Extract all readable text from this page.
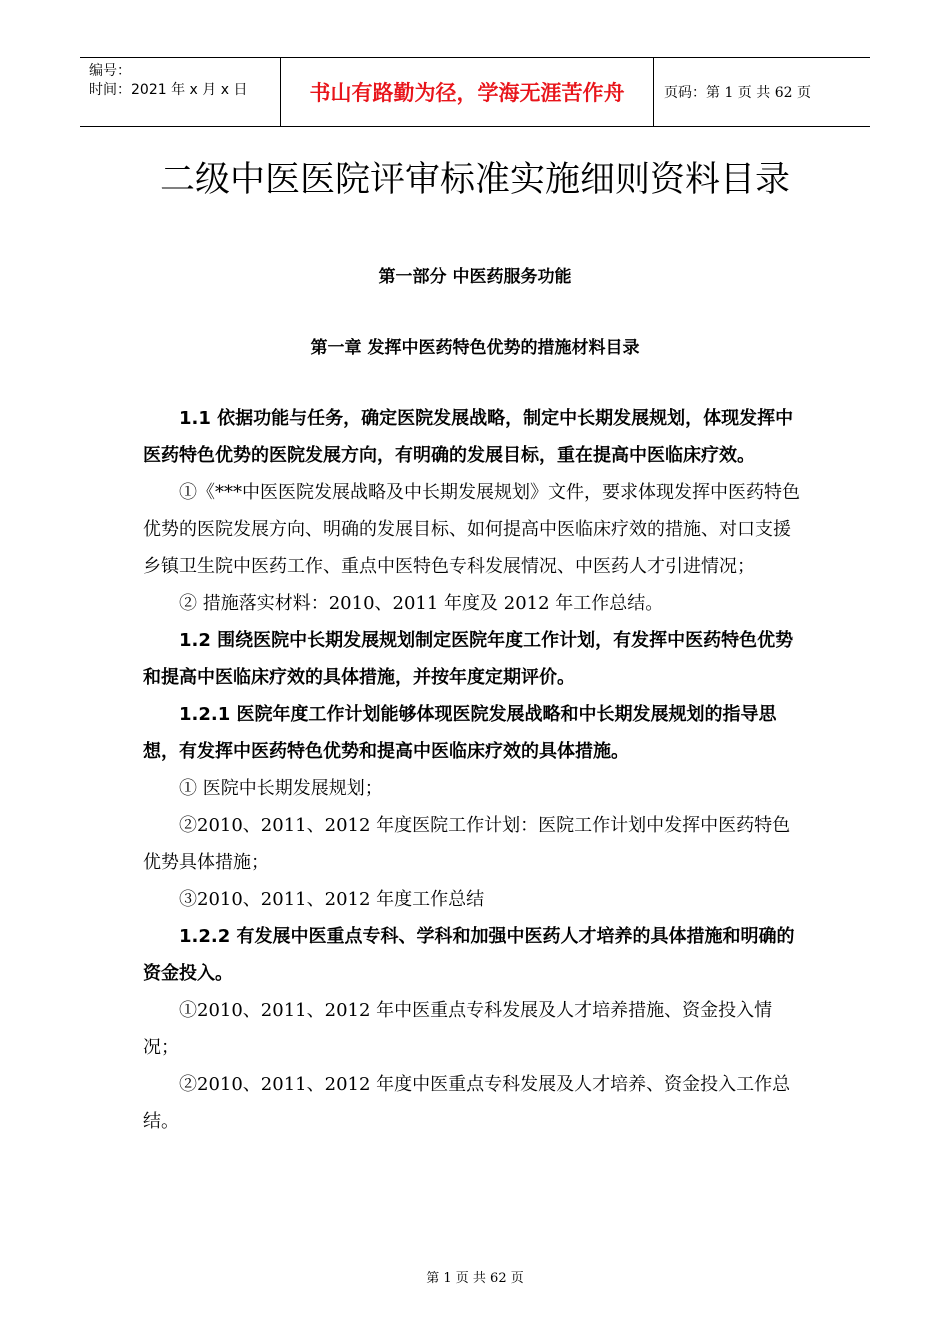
编号：
时间：2021 年 x 月 x 日	书山有路勤为径，学海无涯苦作舟	页码：第 1 页 共 62 页
二级中医医院评审标准实施细则资料目录
第一部分 中医药服务功能
第一章 发挥中医药特色优势的措施材料目录

1.1 依据功能与任务，确定医院发展战略，制定中长期发展规划，体现发挥中医药特色优势的医院发展方向，有明确的发展目标，重在提高中医临床疗效。

①《***中医医院发展战略及中长期发展规划》文件，要求体现发挥中医药特色优势的医院发展方向、明确的发展目标、如何提高中医临床疗效的措施、对口支援乡镇卫生院中医药工作、重点中医特色专科发展情况、中医药人才引进情况；

② 措施落实材料：2010、2011 年度及 2012 年工作总结。

1.2 围绕医院中长期发展规划制定医院年度工作计划，有发挥中医药特色优势和提高中医临床疗效的具体措施，并按年度定期评价。

1.2.1 医院年度工作计划能够体现医院发展战略和中长期发展规划的指导思想，有发挥中医药特色优势和提高中医临床疗效的具体措施。

① 医院中长期发展规划；

②2010、2011、2012 年度医院工作计划：医院工作计划中发挥中医药特色优势具体措施；

③2010、2011、2012 年度工作总结

1.2.2 有发展中医重点专科、学科和加强中医药人才培养的具体措施和明确的资金投入。

①2010、2011、2012 年中医重点专科发展及人才培养措施、资金投入情况；

②2010、2011、2012 年度中医重点专科发展及人才培养、资金投入工作总结。

第 1 页 共 62 页
